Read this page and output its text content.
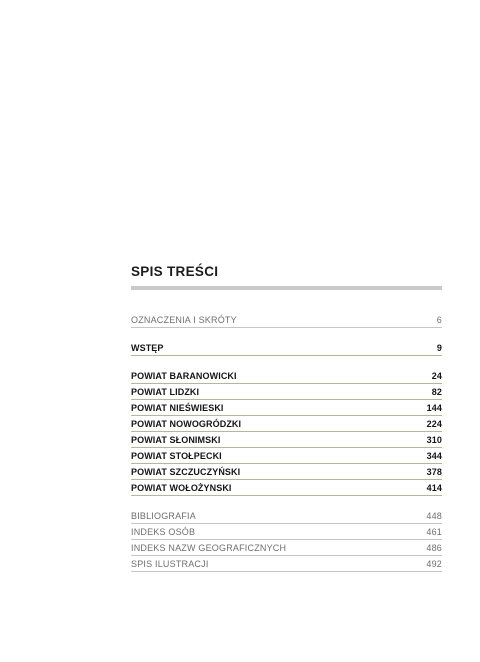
SPIS TREŚCI
OZNACZENIA I SKRÓTY	6
WSTĘP	9
POWIAT BARANOWICKI	24
POWIAT LIDZKI	82
POWIAT NIEŚWIESKI	144
POWIAT NOWOGRÓDZKI	224
POWIAT SŁONIMSKI	310
POWIAT STOŁPECKI	344
POWIAT SZCZUCZYŃSKI	378
POWIAT WOŁOŻYNSKI	414
BIBLIOGRAFIA	448
INDEKS OSÓB	461
INDEKS NAZW GEOGRAFICZNYCH	486
SPIS ILUSTRACJI	492
